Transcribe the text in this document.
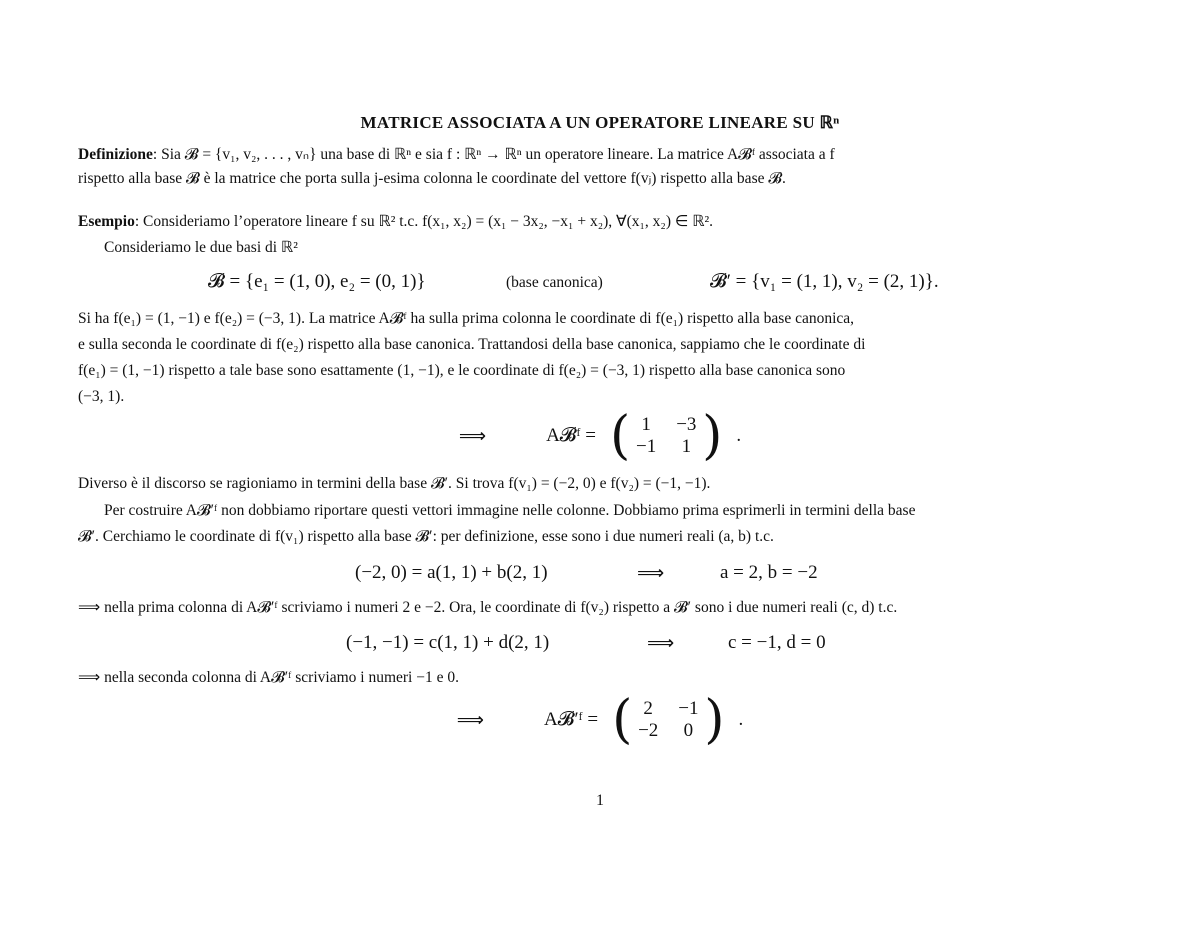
MATRICE ASSOCIATA A UN OPERATORE LINEARE SU ℝⁿ
Definizione: Sia 𝓑 = {v₁, v₂, . . . , vₙ} una base di ℝⁿ e sia f : ℝⁿ → ℝⁿ un operatore lineare. La matrice A𝓑ᶠ associata a f
rispetto alla base 𝓑 è la matrice che porta sulla j-esima colonna le coordinate del vettore f(vⱼ) rispetto alla base 𝓑.
Esempio: Consideriamo l’operatore lineare f su ℝ² t.c. f(x₁, x₂) = (x₁ − 3x₂, −x₁ + x₂), ∀(x₁, x₂) ∈ ℝ².
Consideriamo le due basi di ℝ²
𝓑 = {e₁ = (1, 0), e₂ = (0, 1)}	(base canonica)	𝓑′ = {v₁ = (1, 1), v₂ = (2, 1)}.
Si ha f(e₁) = (1, −1) e f(e₂) = (−3, 1). La matrice A𝓑ᶠ ha sulla prima colonna le coordinate di f(e₁) rispetto alla base canonica,
e sulla seconda le coordinate di f(e₂) rispetto alla base canonica. Trattandosi della base canonica, sappiamo che le coordinate di
f(e₁) = (1, −1) rispetto a tale base sono esattamente (1, −1), e le coordinate di f(e₂) = (−3, 1) rispetto alla base canonica sono
(−3, 1).
⟹	A𝓑ᶠ = ( 1	−3
−1	1 ) .
Diverso è il discorso se ragioniamo in termini della base 𝓑′. Si trova f(v₁) = (−2, 0) e f(v₂) = (−1, −1).
Per costruire A𝓑′ᶠ non dobbiamo riportare questi vettori immagine nelle colonne. Dobbiamo prima esprimerli in termini della base
𝓑′. Cerchiamo le coordinate di f(v₁) rispetto alla base 𝓑′: per definizione, esse sono i due numeri reali (a, b) t.c.
(−2, 0) = a(1, 1) + b(2, 1)	⟹	a = 2, b = −2
⟹ nella prima colonna di A𝓑′ᶠ scriviamo i numeri 2 e −2. Ora, le coordinate di f(v₂) rispetto a 𝓑′ sono i due numeri reali (c, d) t.c.
(−1, −1) = c(1, 1) + d(2, 1)	⟹	c = −1, d = 0
⟹ nella seconda colonna di A𝓑′ᶠ scriviamo i numeri −1 e 0.
⟹	A𝓑′ᶠ = ( 2	−1
−2	0 ) .
1
